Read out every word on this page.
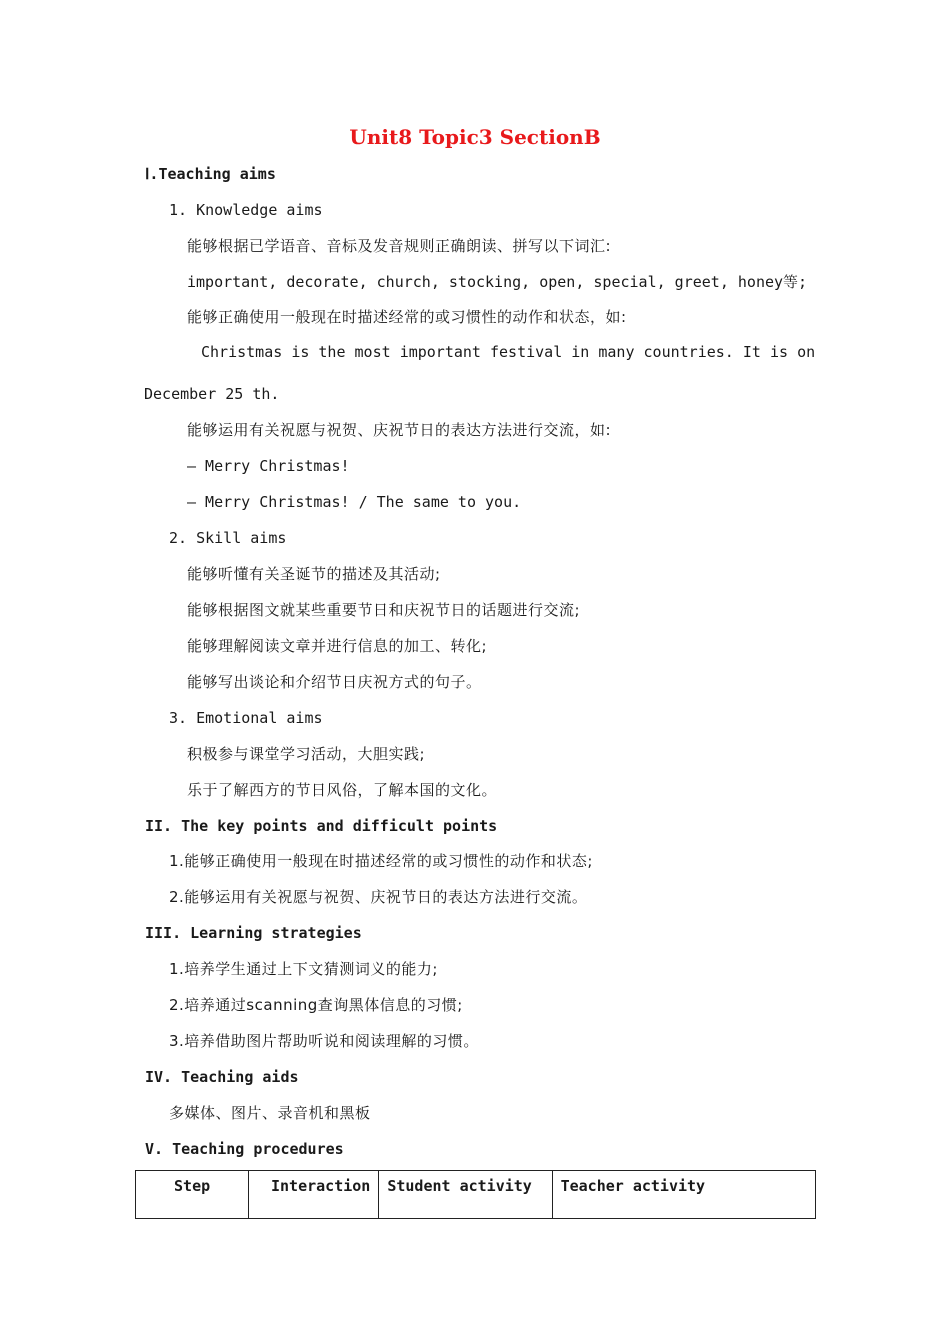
Unit8 Topic3 SectionB
Ⅰ.Teaching aims
1. Knowledge aims
能够根据已学语音、音标及发音规则正确朗读、拼写以下词汇:
important, decorate, church, stocking, open, special, greet, honey等;
能够正确使用一般现在时描述经常的或习惯性的动作和状态，如:
Christmas is the most important festival in many countries. It is on
December 25 th.
能够运用有关祝愿与祝贺、庆祝节日的表达方法进行交流，如:
— Merry Christmas!
— Merry Christmas! / The same to you.
2. Skill aims
能够听懂有关圣诞节的描述及其活动;
能够根据图文就某些重要节日和庆祝节日的话题进行交流;
能够理解阅读文章并进行信息的加工、转化;
能够写出谈论和介绍节日庆祝方式的句子。
3. Emotional aims
积极参与课堂学习活动，大胆实践;
乐于了解西方的节日风俗，了解本国的文化。
II. The key points and difficult points
1.能够正确使用一般现在时描述经常的或习惯性的动作和状态;
2.能够运用有关祝愿与祝贺、庆祝节日的表达方法进行交流。
III. Learning strategies
1.培养学生通过上下文猜测词义的能力;
2.培养通过scanning查询黑体信息的习惯;
3.培养借助图片帮助听说和阅读理解的习惯。
IV. Teaching aids
多媒体、图片、录音机和黑板
V. Teaching procedures
Step	Interaction	Student activity	Teacher activity
